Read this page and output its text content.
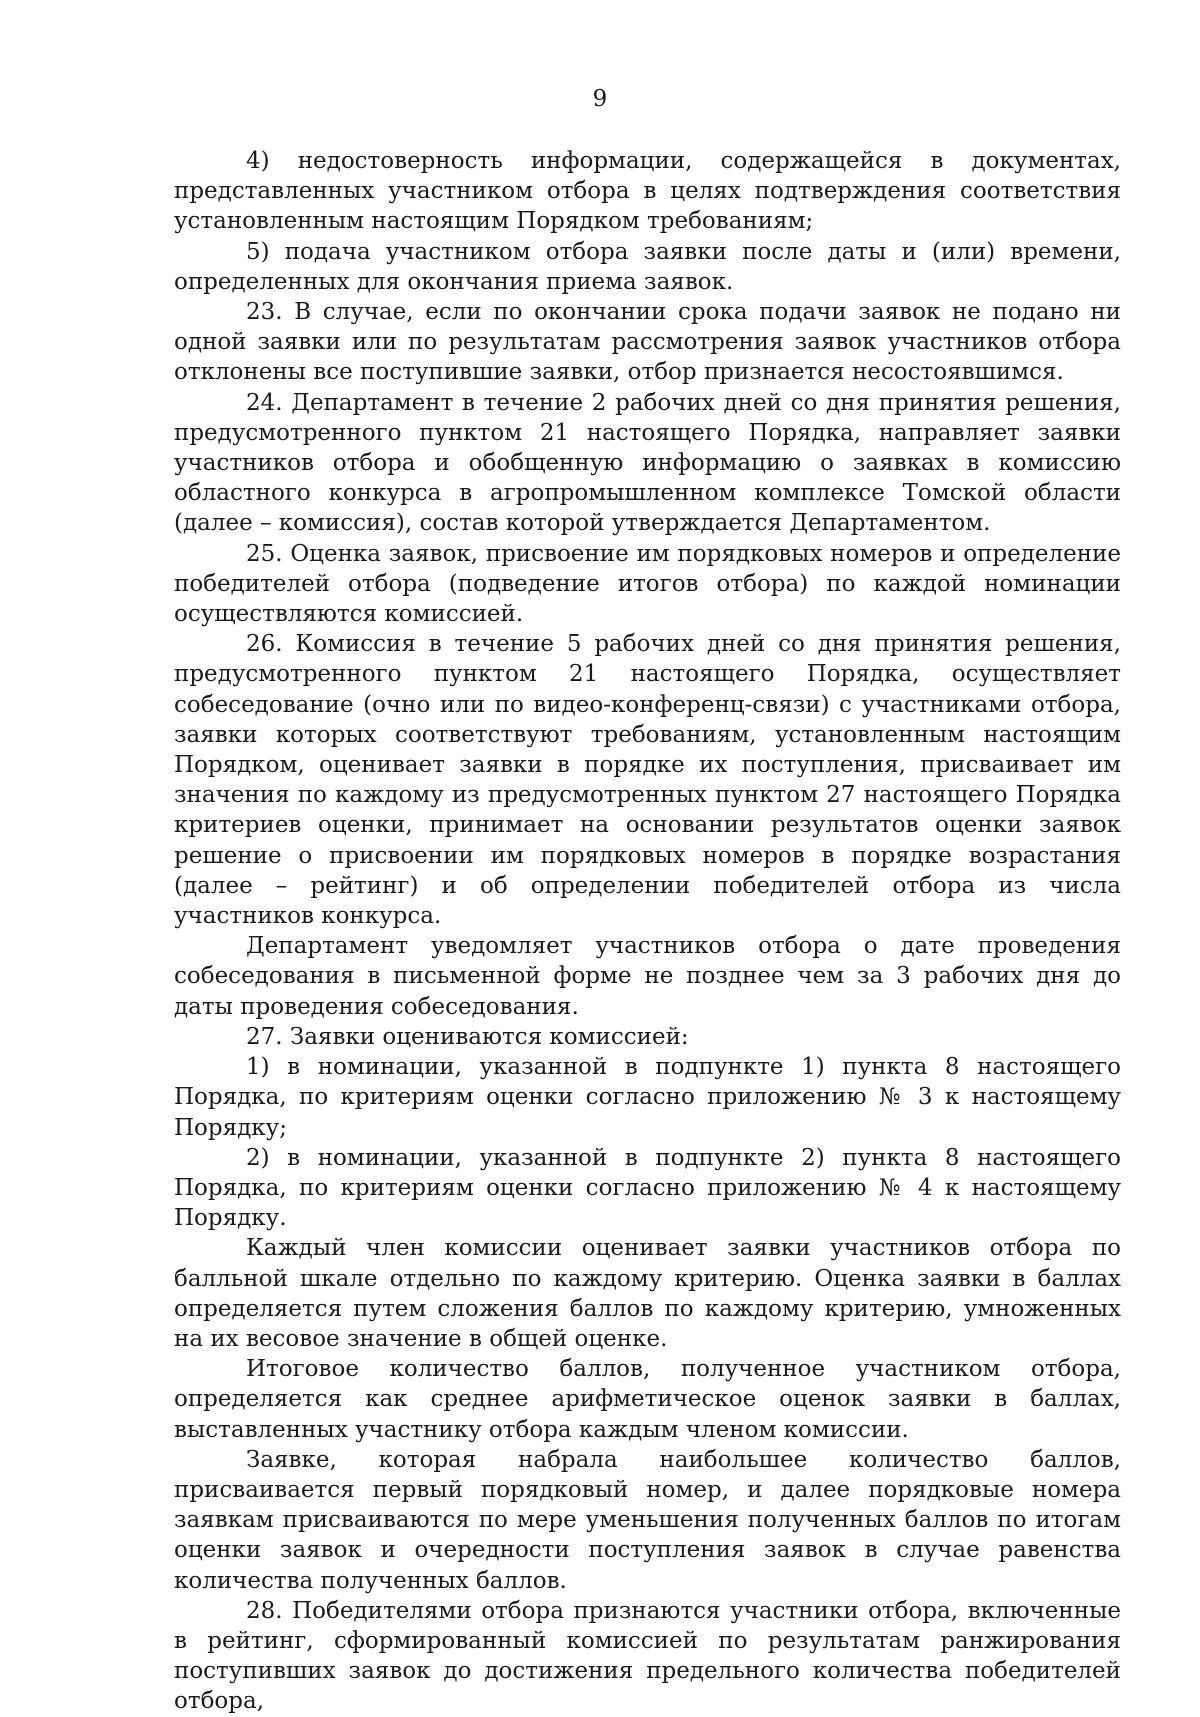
9

4) недостоверность информации, содержащейся в документах, представленных участником отбора в целях подтверждения соответствия установленным настоящим Порядком требованиям;

5) подача участником отбора заявки после даты и (или) времени, определенных для окончания приема заявок.

23. В случае, если по окончании срока подачи заявок не подано ни одной заявки или по результатам рассмотрения заявок участников отбора отклонены все поступившие заявки, отбор признается несостоявшимся.

24. Департамент в течение 2 рабочих дней со дня принятия решения, предусмотренного пунктом 21 настоящего Порядка, направляет заявки участников отбора и обобщенную информацию о заявках в комиссию областного конкурса в агропромышленном комплексе Томской области (далее – комиссия), состав которой утверждается Департаментом.

25. Оценка заявок, присвоение им порядковых номеров и определение победителей отбора (подведение итогов отбора) по каждой номинации осуществляются комиссией.

26. Комиссия в течение 5 рабочих дней со дня принятия решения, предусмотренного пунктом 21 настоящего Порядка, осуществляет собеседование (очно или по видео-конференц-связи) с участниками отбора, заявки которых соответствуют требованиям, установленным настоящим Порядком, оценивает заявки в порядке их поступления, присваивает им значения по каждому из предусмотренных пунктом 27 настоящего Порядка критериев оценки, принимает на основании результатов оценки заявок решение о присвоении им порядковых номеров в порядке возрастания (далее – рейтинг) и об определении победителей отбора из числа участников конкурса.

Департамент уведомляет участников отбора о дате проведения собеседования в письменной форме не позднее чем за 3 рабочих дня до даты проведения собеседования.

27. Заявки оцениваются комиссией:

1) в номинации, указанной в подпункте 1) пункта 8 настоящего Порядка, по критериям оценки согласно приложению № 3 к настоящему Порядку;

2) в номинации, указанной в подпункте 2) пункта 8 настоящего Порядка, по критериям оценки согласно приложению № 4 к настоящему Порядку.

Каждый член комиссии оценивает заявки участников отбора по балльной шкале отдельно по каждому критерию. Оценка заявки в баллах определяется путем сложения баллов по каждому критерию, умноженных на их весовое значение в общей оценке.

Итоговое количество баллов, полученное участником отбора, определяется как среднее арифметическое оценок заявки в баллах, выставленных участнику отбора каждым членом комиссии.

Заявке, которая набрала наибольшее количество баллов, присваивается первый порядковый номер, и далее порядковые номера заявкам присваиваются по мере уменьшения полученных баллов по итогам оценки заявок и очередности поступления заявок в случае равенства количества полученных баллов.

28. Победителями отбора признаются участники отбора, включенные в рейтинг, сформированный комиссией по результатам ранжирования поступивших заявок до достижения предельного количества победителей отбора,
